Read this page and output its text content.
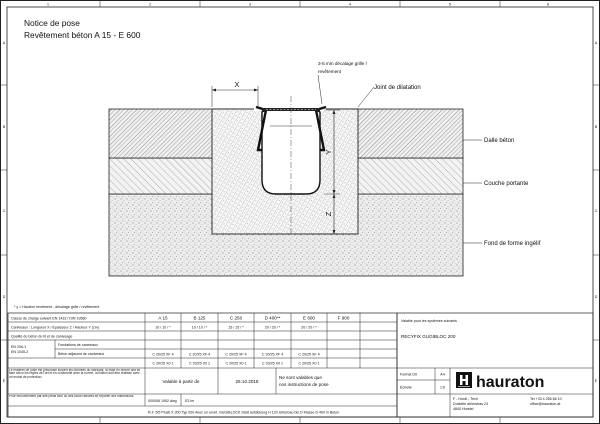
1	2	3	4	5	6
A
B
C
D
E
A
B
C
D
E
Notice de pose
Revêtement béton A 15 - E 600
X
3-5 mm décalage grille /
revêtement
Joint de dilatation
Y
Z
Dalle béton
Couche portante
Fond de forme ingélif
* y = Hauteur revetment - décalage grille / revêtement
Classe de charge suivant EN 1433 / DIN 19580
Caniveaux : Longueur X / Épaisseur Z / Hauteur Y (cm)
Qualité du béton du lit et de caniveage
EN 206-1
EN 1045-2
Fondations de caniveaux
Béton adjacent de caniveaux
A 15	B 125	C 250	D 400**	E 600	F 900
10 / 10 / *	10 / 10 / *	15 / 15 / *	20 / 20 / *	20 / 20 / *
C 20/25 XF 4	C 20/25 XF 4	C 20/25 XF 4	C 20/25 XF 4	C 20/25 XF 4
C 20/25 X0 1	C 20/25 X0 1	C 20/25 X0 1	C 20/25 X0 1	C 20/25 X0 1
Le matériel de pose est préconisé suivant les données du fabricant, la mise en œuvre doit se faire selon les règles de l'art et en conformité avec la norme, la finition doit être réalisée avec un enduit de protection.
Valable à partir de	25.10.2018
Ne sont valables que
nos instructions de pose
Pour recouvrement par des pieds bloc ou des blocs rainurés se reporter aux instructions.
000008 1952.dwg E3 lm
R.F. 5/5 Plusti X 200 Typ 020 Avec un revêt. GUGIBLOCK Statt aufdickung H 120 Unterbau bis D Klasse D 400 in Beton
Valable pour les systèmes suivants
RECYFIX GUGIBLOC 200
Format Dlt	A4
Échelle	1:6 hauraton
F - Hordt - Tech
Dostelte ahlerstras 24
4840 Horstel
Tel +33 4 256 66 10
office@hauraton.at
